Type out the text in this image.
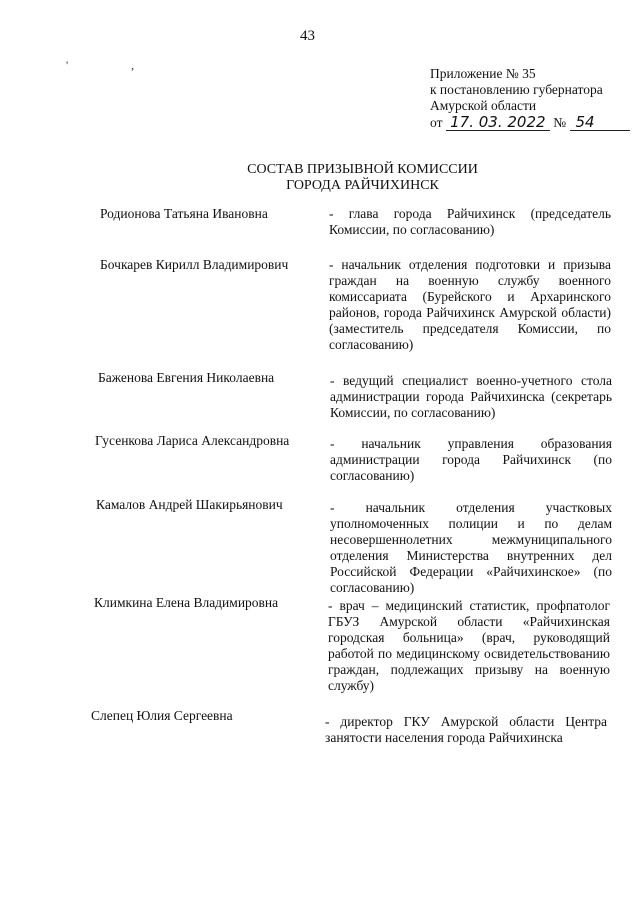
43
' ,
Приложение № 35
к постановлению губернатора
Амурской области
от 17. 03. 2022 № 54
СОСТАВ ПРИЗЫВНОЙ КОМИССИИ
ГОРОДА РАЙЧИХИНСК
Родионова Татьяна Ивановна	- глава города Райчихинск (председатель Комиссии, по согласованию)
Бочкарев Кирилл Владимирович	- начальник отделения подготовки и призыва граждан на военную службу военного комиссариата (Бурейского и Архаринского районов, города Райчихинск Амурской области) (заместитель председателя Комиссии, по согласованию)
Баженова Евгения Николаевна	- ведущий специалист военно-учетного стола администрации города Райчихинска (секретарь Комиссии, по согласованию)
Гусенкова Лариса Александровна	- начальник управления образования администрации города Райчихинск (по согласованию)
Камалов Андрей Шакирьянович	- начальник отделения участковых уполномоченных полиции и по делам несовершеннолетних межмуниципального отделения Министерства внутренних дел Российской Федерации «Райчихинское» (по согласованию)
Климкина Елена Владимировна	- врач – медицинский статистик, профпатолог ГБУЗ Амурской области «Райчихинская городская больница» (врач, руководящий работой по медицинскому освидетельствованию граждан, подлежащих призыву на военную службу)
Слепец Юлия Сергеевна	- директор ГКУ Амурской области Центра занятости населения города Райчихинска
